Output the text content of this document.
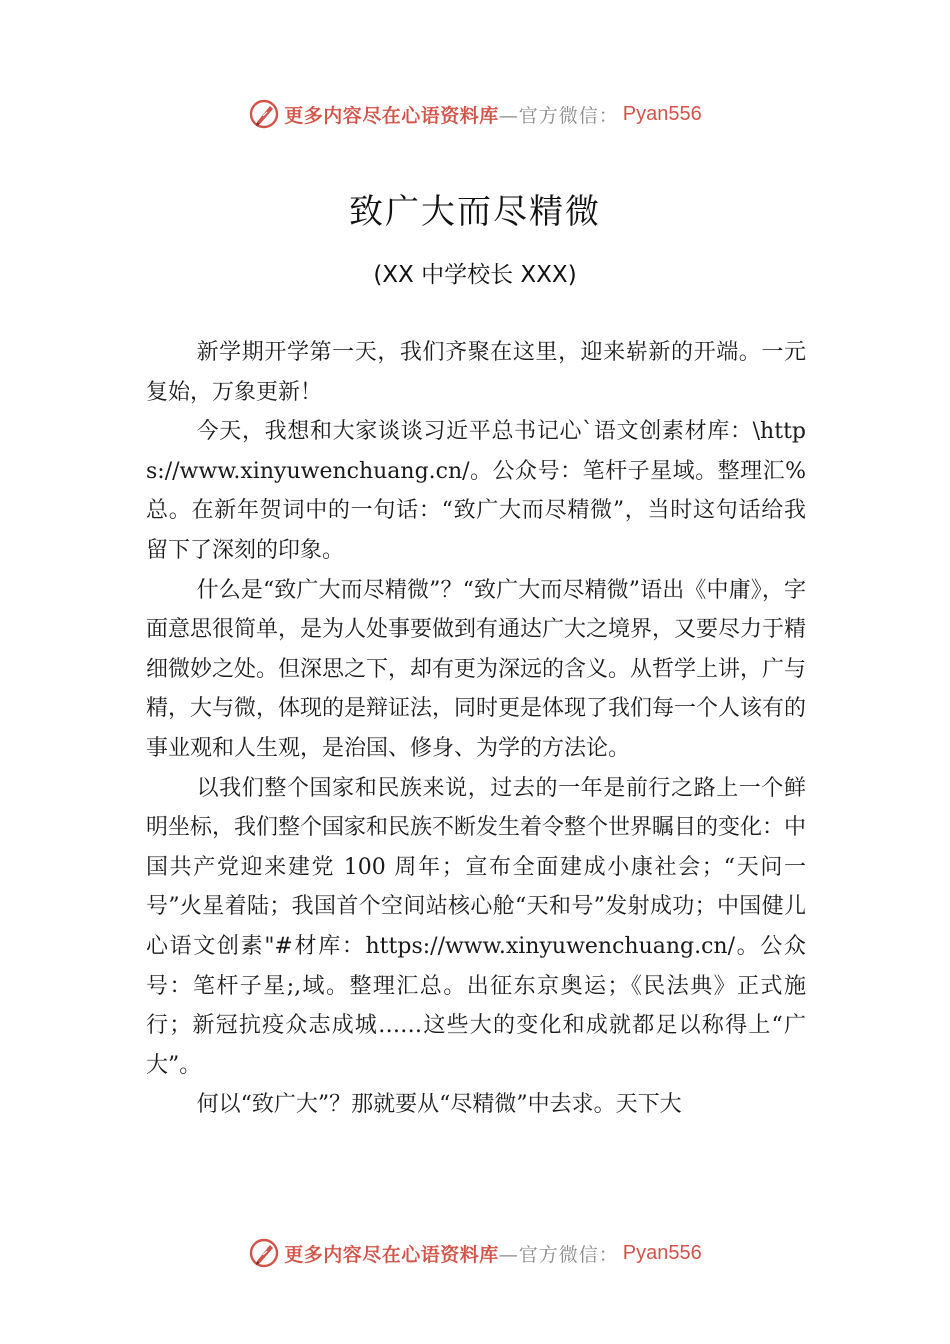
更多内容尽在心语资料库 —官方微信： Pyan556
致广大而尽精微
(XX 中学校长 XXX)

新学期开学第一天，我们齐聚在这里，迎来崭新的开端。一元复始，万象更新！

今天，我想和大家谈谈习近平总书记心`语文创素材库：\https://www.xinyuwenchuang.cn/。公众号：笔杆子星域。整理汇%总。在新年贺词中的一句话：“致广大而尽精微”，当时这句话给我留下了深刻的印象。

什么是“致广大而尽精微”？“致广大而尽精微”语出《中庸》，字面意思很简单，是为人处事要做到有通达广大之境界，又要尽力于精细微妙之处。但深思之下，却有更为深远的含义。从哲学上讲，广与精，大与微，体现的是辩证法，同时更是体现了我们每一个人该有的事业观和人生观，是治国、修身、为学的方法论。

以我们整个国家和民族来说，过去的一年是前行之路上一个鲜明坐标，我们整个国家和民族不断发生着令整个世界瞩目的变化：中国共产党迎来建党 100 周年；宣布全面建成小康社会；“天问一号”火星着陆；我国首个空间站核心舱“天和号”发射成功；中国健儿心语文创素"#材库：https://www.xinyuwenchuang.cn/。公众号：笔杆子星;,域。整理汇总。出征东京奥运；《民法典》正式施行；新冠抗疫众志成城……这些大的变化和成就都足以称得上“广大”。

何以“致广大”？那就要从“尽精微”中去求。天下大

更多内容尽在心语资料库 —官方微信： Pyan556
